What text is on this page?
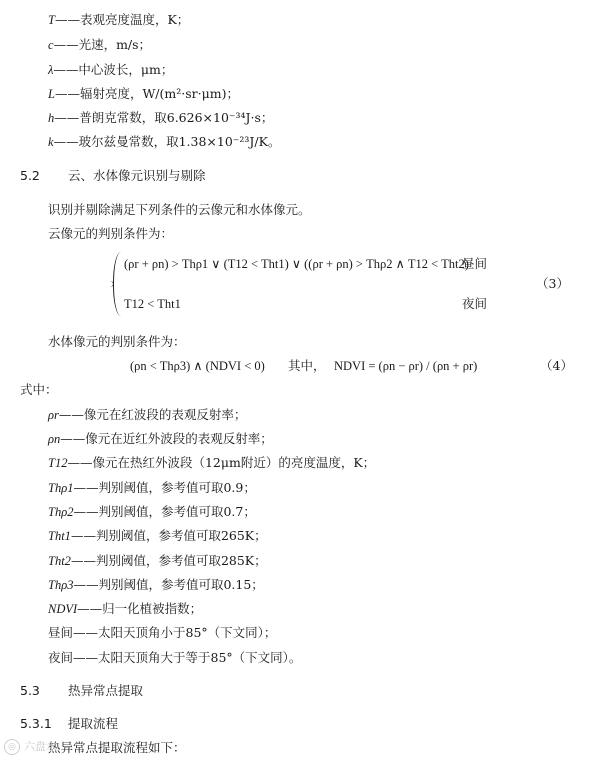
T——表观亮度温度，K；
c——光速，m/s；
λ——中心波长，μm；
L——辐射亮度，W/(m²·sr·μm)；
h——普朗克常数，取6.626×10⁻³⁴J·s；
k——玻尔兹曼常数，取1.38×10⁻²³J/K。
5.2 云、水体像元识别与剔除
识别并剔除满足下列条件的云像元和水体像元。
云像元的判别条件为：
(ρr + ρn) > Thρ1 ∨ (T12 < Tht1) ∨ ((ρr + ρn) > Thρ2 ∧ T12 < Tht2)
昼间
（3）
T12 < Tht1	夜间
水体像元的判别条件为：
(ρn < Thρ3) ∧ (NDVI < 0) 其中， NDVI = (ρn − ρr) / (ρn + ρr)	（4）
式中：
ρr——像元在红波段的表观反射率；
ρn——像元在近红外波段的表观反射率；
T12——像元在热红外波段（12μm附近）的亮度温度，K；
Thρ1——判别阈值，参考值可取0.9；
Thρ2——判别阈值，参考值可取0.7；
Tht1——判别阈值，参考值可取265K；
Tht2——判别阈值，参考值可取285K；
Thρ3——判别阈值，参考值可取0.15；
NDVI——归一化植被指数；
昼间——太阳天顶角小于85°（下文同）；
夜间——太阳天顶角大于等于85°（下文同）。
5.3 热异常点提取
5.3.1 提取流程
热异常点提取流程如下：
◎ 六盘水
